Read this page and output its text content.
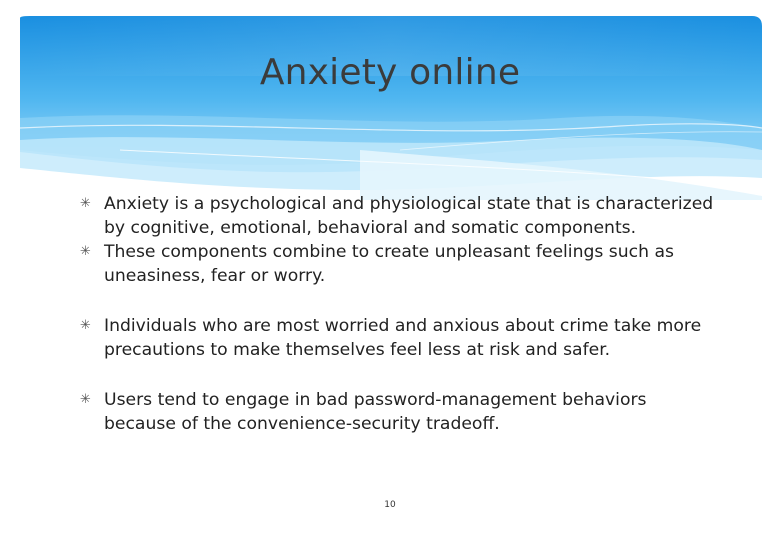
Anxiety online
✳ Anxiety is a psychological and physiological state that is characterized by cognitive, emotional, behavioral and somatic components.
✳ These components combine to create unpleasant feelings such as uneasiness, fear or worry.
✳ Individuals who are most worried and anxious about crime take more precautions to make themselves feel less at risk and safer.
✳ Users tend to engage in bad password-management behaviors because of the convenience-security tradeoff.
10
